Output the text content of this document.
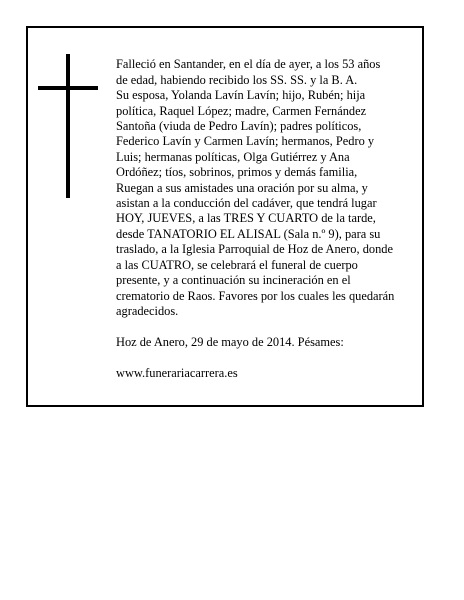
Falleció en Santander, en el día de ayer, a los 53 años
de edad, habiendo recibido los SS. SS. y la B. A.
Su esposa, Yolanda Lavín Lavín; hijo, Rubén; hija
política, Raquel López; madre, Carmen Fernández
Santoña (viuda de Pedro Lavín); padres políticos,
Federico Lavín y Carmen Lavín; hermanos, Pedro y
Luis; hermanas políticas, Olga Gutiérrez y Ana
Ordóñez; tíos, sobrinos, primos y demás familia,
Ruegan a sus amistades una oración por su alma, y
asistan a la conducción del cadáver, que tendrá lugar
HOY, JUEVES, a las TRES Y CUARTO de la tarde,
desde TANATORIO EL ALISAL (Sala n.º 9), para su
traslado, a la Iglesia Parroquial de Hoz de Anero, donde
a las CUATRO, se celebrará el funeral de cuerpo
presente, y a continuación su incineración en el
crematorio de Raos. Favores por los cuales les quedarán
agradecidos.

Hoz de Anero, 29 de mayo de 2014. Pésames:

www.funerariacarrera.es
